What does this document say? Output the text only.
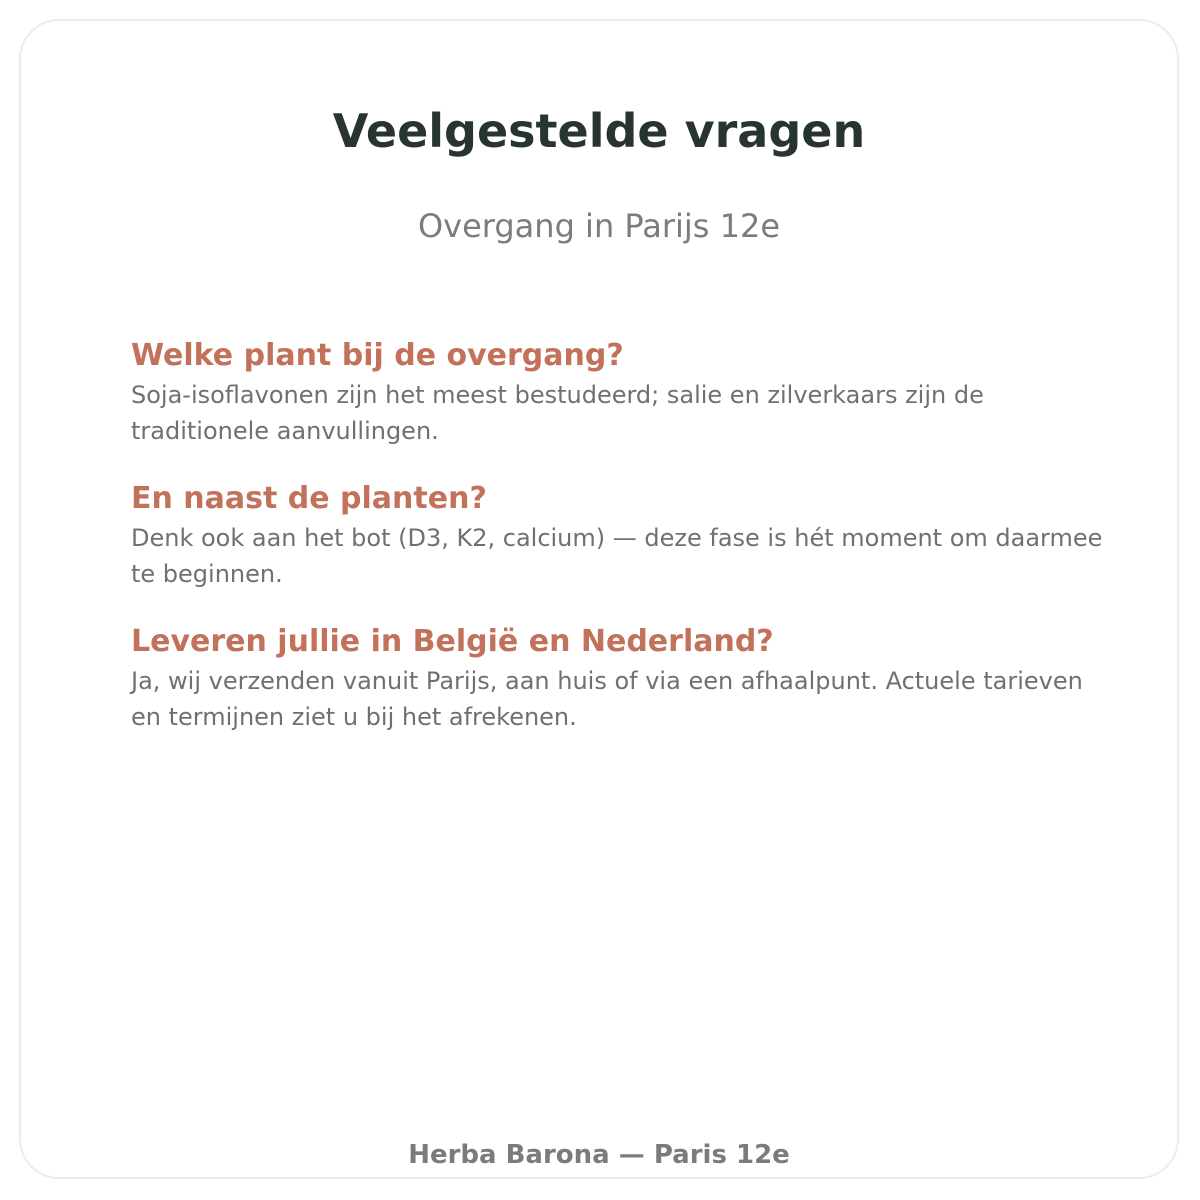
Veelgestelde vragen

Overgang in Parijs 12e

Welke plant bij de overgang?

Soja-isoflavonen zijn het meest bestudeerd; salie en zilverkaars zijn de traditionele aanvullingen.

En naast de planten?

Denk ook aan het bot (D3, K2, calcium) — deze fase is hét moment om daarmee te beginnen.

Leveren jullie in België en Nederland?

Ja, wij verzenden vanuit Parijs, aan huis of via een afhaalpunt. Actuele tarieven en termijnen ziet u bij het afrekenen.

Herba Barona — Paris 12e
